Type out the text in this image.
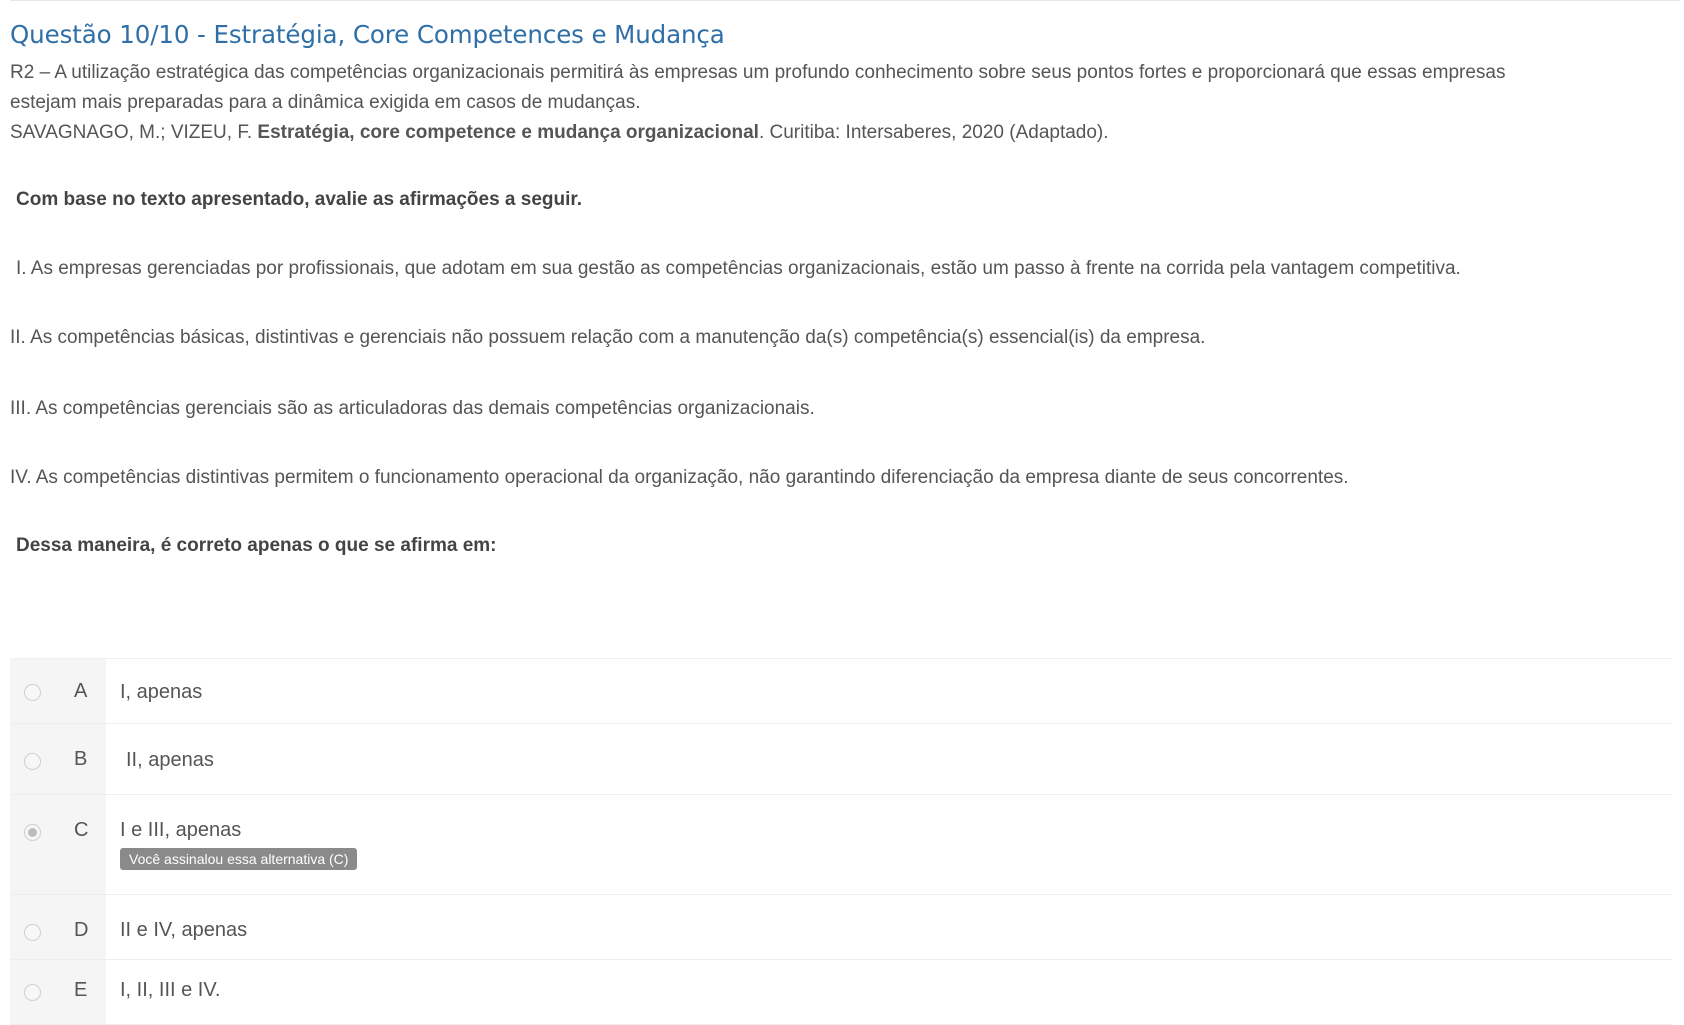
Questão 10/10 - Estratégia, Core Competences e Mudança
R2 – A utilização estratégica das competências organizacionais permitirá às empresas um profundo conhecimento sobre seus pontos fortes e proporcionará que essas empresas
estejam mais preparadas para a dinâmica exigida em casos de mudanças.
SAVAGNAGO, M.; VIZEU, F. Estratégia, core competence e mudança organizacional. Curitiba: Intersaberes, 2020 (Adaptado).
Com base no texto apresentado, avalie as afirmações a seguir.
I. As empresas gerenciadas por profissionais, que adotam em sua gestão as competências organizacionais, estão um passo à frente na corrida pela vantagem competitiva.
II. As competências básicas, distintivas e gerenciais não possuem relação com a manutenção da(s) competência(s) essencial(is) da empresa.
III. As competências gerenciais são as articuladoras das demais competências organizacionais.
IV. As competências distintivas permitem o funcionamento operacional da organização, não garantindo diferenciação da empresa diante de seus concorrentes.
Dessa maneira, é correto apenas o que se afirma em:
A I, apenas
B II, apenas
C I e III, apenas
Você assinalou essa alternativa (C)
D II e IV, apenas
E I, II, III e IV.
